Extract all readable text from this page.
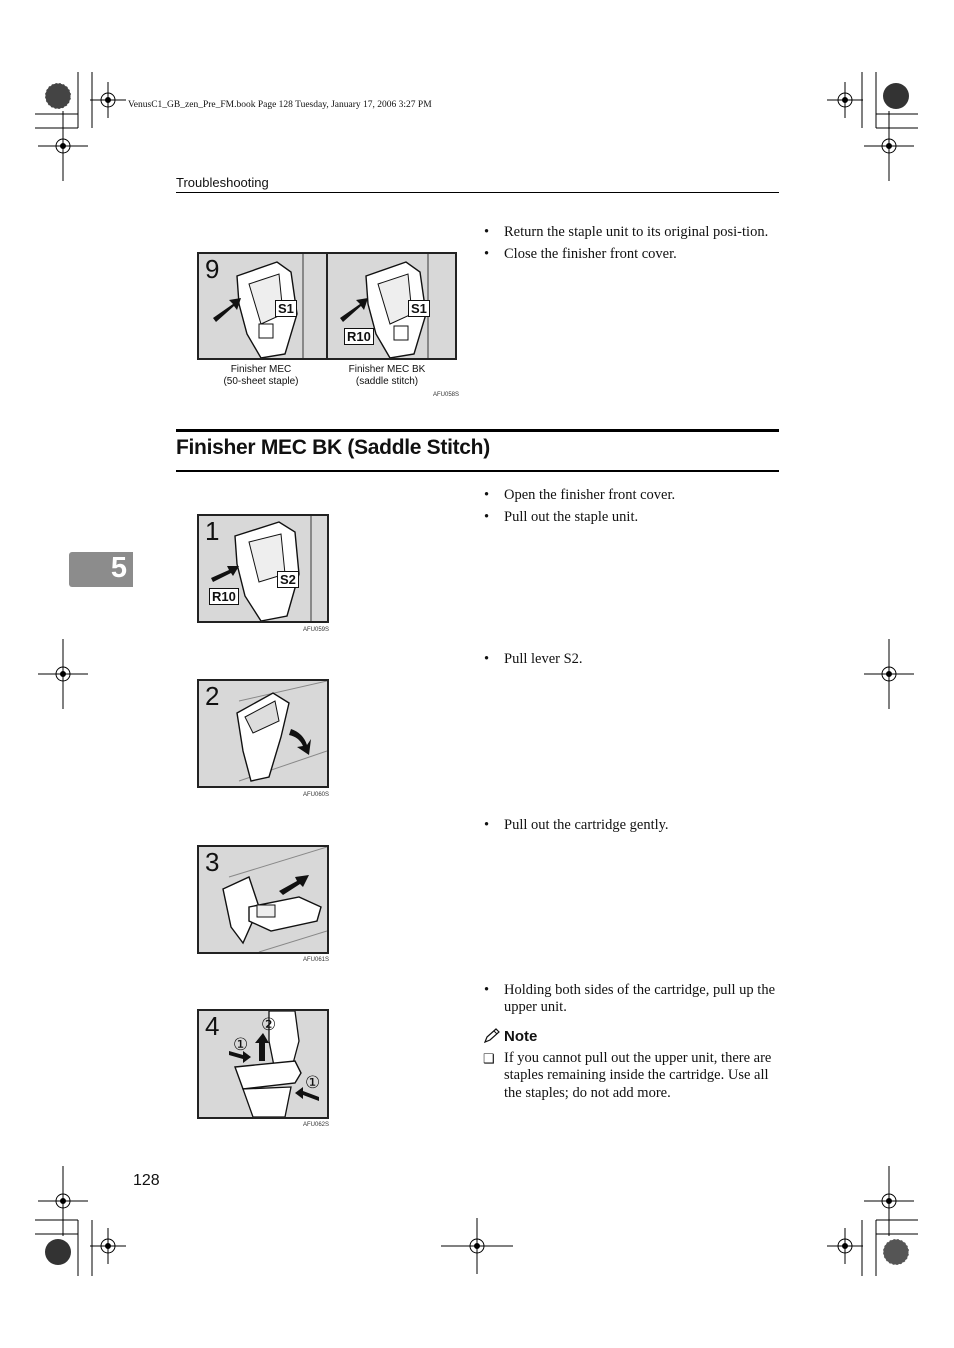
VenusC1_GB_zen_Pre_FM.book Page 128 Tuesday, January 17, 2006 3:27 PM
Troubleshooting
5
9
S1	S1
R10
Finisher MEC
(50-sheet staple)
Finisher MEC BK
(saddle stitch)
AFU058S
• Return the staple unit to its original posi-tion.
• Close the finisher front cover.
Finisher MEC BK (Saddle Stitch)
1
S2
R10
AFU059S
• Open the finisher front cover.
• Pull out the staple unit.
2
AFU060S
• Pull lever S2.
3
AFU061S
• Pull out the cartridge gently.
4 ②
①
①
AFU062S
• Holding both sides of the cartridge, pull up the upper unit.
Note
❑ If you cannot pull out the upper unit, there are staples remaining inside the cartridge. Use all the staples; do not add more.
128
